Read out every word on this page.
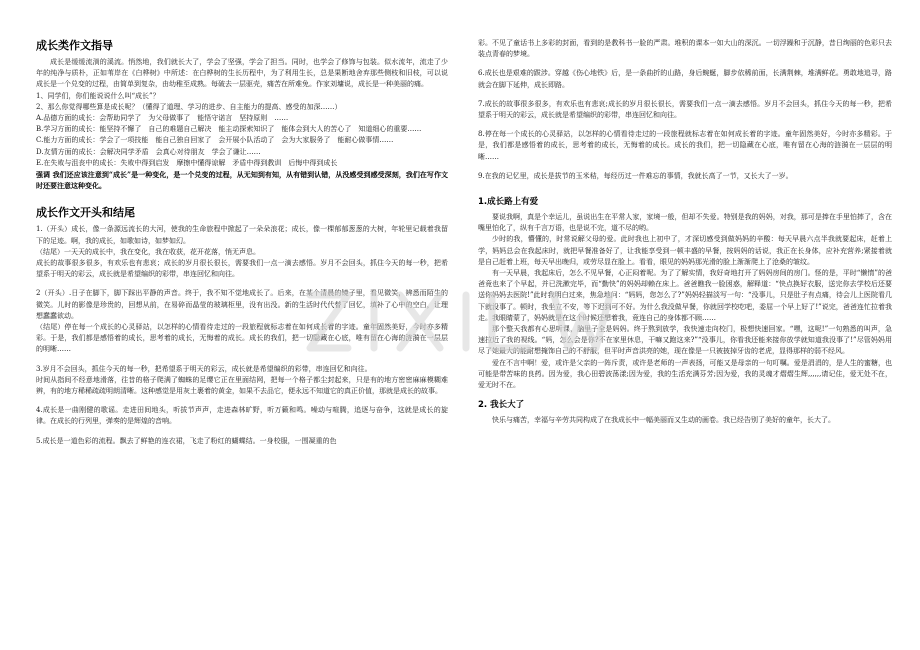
成长类作文指导

成长是缓缓流淌的溪流。悄然地，我们就长大了，学会了坚强，学会了担当。同时，也学会了修饰与包装。似水流年，流走了少年的纯净与质朴，正如苇岸在《白桦树》中所述：在白桦树的生长历程中，为了利用生长，总是果断地舍弃那些侧枝和旧枝，可以说成长是一个兑变的过程，由简单到复杂，由幼稚至成熟。每破去一层驱壳，痛苦在所难免。作家刘墉说，成长是一种美丽的痛。

1、同学们，你们能说说什么叫“成长”？

2、那么你觉得哪些算是成长呢？（懂得了道理、学习的进步、自主能力的提高、感受的加深……）

A.品德方面的成长：会帮助同学了　为父母做事了　能悟守诺言　坚持原则　……

B.学习方面的成长：能坚持不懈了　自己的难题自己解决　能主动探索知识了　能体会到大人的苦心了　知道细心的重要……

C.能力方面的成长：学会了一项技能　能自己独自回家了　会开展小队活动了　会为大家服务了　能耐心做事情……

D.友情方面的成长：会解决同学矛盾　会真心对待朋友　学会了谦让……

E.在失败与沮丧中的成长：失败中得到启发　摩擦中懂得谅解　矛盾中得到教训　后悔中得到成长

强调 我们还应该注意到“成长”是一种变化，是一个兑变的过程，从无知到有知，从有错到认错，从没感受到感受深刻，我们在写作文时还要注意这种变化。

成长作文开头和结尾

1.（开头）成长，像一条源远流长的大河，使我的生命旅程中掀起了一朵朵浪花；成长，像一棵郁郁葱葱的大树，年轮里记载着我留下的足迹。啊，我的成长，如歌如诗，如梦如幻。

（结尾）一天天的成长中，我在变化，我在收获，花开花落，悄无声息。

成长的故事很多很多，有欢乐也有悲哀；成长的岁月很长很长，需要我们一点一滴去感悟。岁月不会回头，抓住今天的每一秒，把希望系于明天的彩云，成长就是希望编织的彩带，串连回忆和向往。

2（开头）.日子在脚下，脚下踩出平静的声音。终于，我不知不觉地成长了。后来，在某个清晨的镜子里，看见微笑，辨悉而陌生的微笑。儿时的影像是珍贵的，回想从前，在易碎而晶莹的玻璃柜里，没有出没。新的生活时代代替了回忆，填补了心中的空白，让理想蠢蠢欲动。

（结尾）停在每一个成长的心灵驿站，以怎样的心情看待走过的一段旅程就标志着在如何成长着的字迹。童年固然美好，今时亦多精彩。于是，我们都是感悟着的成长，思考着的成长，无悔着的成长。成长的我们，把一切隐藏在心底，唯有留在心海的涟漪在一层层的明晰……

3.岁月不会回头，抓住今天的每一秒，把希望系于明天的彩云，成长就是希望编织的彩带，串连回忆和向往。

时间从指间不经意地滑落，往昔的格子爬满了蜘蛛的足缨它正在里面结网，把每一个格子都尘封起来，只是有的地方密密麻麻模糊难辨，有的地方稀稀疏疏明朗清晰。这种感觉是用灰土裹着的黄金，如果不去品它，便永远不知道它的真正价值，那就是成长的故事。

4.成长是一曲刚健的歌谣。走进田间地头，听拔节声声，走进森林旷野，听万籁和鸣。噪动与喧腾，追逐与奋争，这就是成长的旋律。在成长的行列里，弹奏的是辉煌的音响。

5.成长是一道色彩的流程。飘去了鲜艳的连衣裙，飞走了粉红的蝴蝶结。一身校服，一围凝重的色

彩。不见了童话书上多彩的封面，看到的是教科书一脸的严肃。堆积的课本一如大山的深沉。一切浮躁和于沉静，昔日绚丽的色彩只去装点青春的梦境。

6.成长也是艰难的跋涉。穿越《伤心地铁》后，是一条曲折的山路，身后蜿蜒，脚步依稀前面，长满荆棘，堆满鲜花。勇敢地追寻，路就会在脚下延伸，成长即路。

7.成长的故事很多很多，有欢乐也有悲哀;成长的岁月很长很长，需要我们一点一滴去感悟。岁月不会回头，抓住今天的每一秒，把希望系于明天的彩云，成长就是希望编织的彩带，串连回忆和向往。

8.停在每一个成长的心灵驿站，以怎样的心情看待走过的一段旅程就标志着在如何成长着的字迹。童年固然美好，今时亦多精彩。于是，我们都是感悟着的成长，思考着的成长，无悔着的成长。成长的我们，把一切隐藏在心底，唯有留在心海的涟漪在一层层的明晰……

9.在我的记忆里，成长是拔节的玉米秸，每经历过一件难忘的事情，我就长高了一节，又长大了一岁。

1.成长路上有爱

要说我啊，真是个幸运儿，虽说出生在平常人家，家境一般，但却不失爱。特别是我的妈妈，对我，那可是捧在手里怕摔了，含在嘴里怕化了，纵有千言万语，也是说不完，道不尽的哟。

少时的我，懵懂的，时常说解父母的爱。此时我也上初中了，才深切感受到做妈妈的辛酸：每天早晨六点半我就要起床，赶着上学，妈妈总会在我起床时，就把早餐准备好了，让我能享受到一顿丰盛的早餐，按妈妈的话说，我正在长身体，应补充营养;紧接着就是自己赶着上班，每天早出晚归，或劳尽显在脸上。看看，眼见的妈妈那光滑的脸上渐渐爬上了沧桑的皱纹。

有一天早晨，我起床后，怎么不见早餐，心正闷着呢。为了了解实情，我好奇地打开了妈妈房间的房门。怪的是，平时“懒惰”的爸爸竟也来了个早起，并已洗漱完毕，而“勤快”的妈妈却赖在床上。爸爸瞧我一脸困惑，解释道：“快点换好衣服，送完你去学校后还要送你妈妈去医院!”此时我明白过来，焦急地问：“妈妈，您怎么了?”妈妈轻描淡写一句：“没事儿，只是肚子有点痛，待会儿上医院看几下就没事了。顿时，我坐立不安，等下迟到可不好。为什么我没做早餐，你就回学校吃吧，委屈一个早上好了!”说完，爸爸连忙拉着我走。我眼睛蒙了，妈妈就是在这个时候还想着我，竟连自己的身体都不顾……

那个整天我都有心思听课，脑里子全是妈妈。终于熬到放学，我快速走向校门，极想快速回家。“嘿，这呢!”一句熟悉的叫声，急速拉近了我的视线。“妈，怎么会是你?不在家里休息，干嘛又跑这来?”“没事儿，你看我还能来接你放学就知道我没事了!”尽管妈妈用尽了她最大的能耐想掩饰自己的不舒服，但平时声音洪亮的她，现在像是一只被披掉牙齿的老虎，显得那样的弱不经风。

爱在不言中啊！爱，或许是父亲的一阵斥责，或许是老师的一声表扬，可能又是母亲的一句叮嘱。爱是涓涓的，是人生的蜜糖，也可能是带苦味的良药。因为爱，我心田碧波荡漾;因为爱，我的生活充满芬芳;因为爱，我的灵魂才熠熠生辉,,,,,,请记住，爱无处不在，爱无时不在。

2. 我长大了

快乐与痛苦，幸福与辛劳共同构成了在我成长中一幅美丽而又生动的画卷。我已经告别了美好的童年，长大了。
